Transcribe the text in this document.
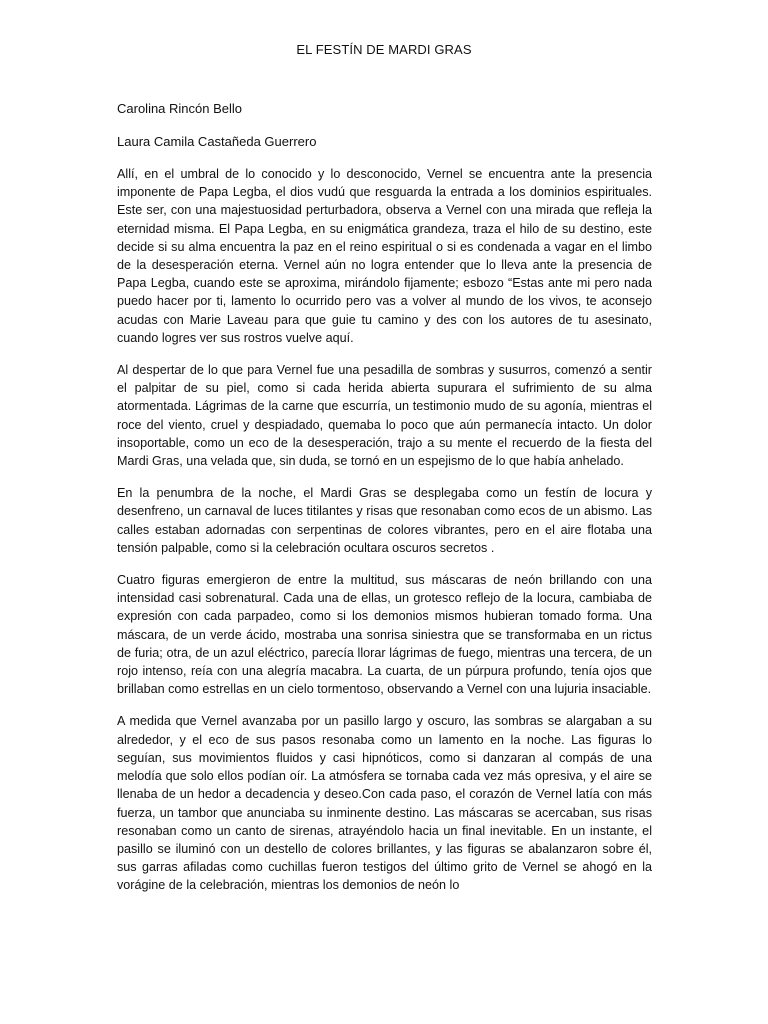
EL FESTÍN DE MARDI GRAS
Carolina Rincón Bello
Laura Camila Castañeda Guerrero

Allí, en el umbral de lo conocido y lo desconocido, Vernel se encuentra ante la presencia imponente de Papa Legba, el dios vudú que resguarda la entrada a los dominios espirituales. Este ser, con una majestuosidad perturbadora, observa a Vernel con una mirada que refleja la eternidad misma. El Papa Legba, en su enigmática grandeza, traza el hilo de su destino, este decide si su alma encuentra la paz en el reino espiritual o si es condenada a vagar en el limbo de la desesperación eterna. Vernel aún no logra entender que lo lleva ante la presencia de Papa Legba, cuando este se aproxima, mirándolo fijamente; esbozo “Estas ante mi pero nada puedo hacer por ti, lamento lo ocurrido pero vas a volver al mundo de los vivos, te aconsejo acudas con Marie Laveau para que guie tu camino y des con los autores de tu asesinato, cuando logres ver sus rostros vuelve aquí.

Al despertar de lo que para Vernel fue una pesadilla de sombras y susurros, comenzó a sentir el palpitar de su piel, como si cada herida abierta supurara el sufrimiento de su alma atormentada. Lágrimas de la carne que escurría, un testimonio mudo de su agonía, mientras el roce del viento, cruel y despiadado, quemaba lo poco que aún permanecía intacto. Un dolor insoportable, como un eco de la desesperación, trajo a su mente el recuerdo de la fiesta del Mardi Gras, una velada que, sin duda, se tornó en un espejismo de lo que había anhelado.

En la penumbra de la noche, el Mardi Gras se desplegaba como un festín de locura y desenfreno, un carnaval de luces titilantes y risas que resonaban como ecos de un abismo. Las calles estaban adornadas con serpentinas de colores vibrantes, pero en el aire flotaba una tensión palpable, como si la celebración ocultara oscuros secretos .

Cuatro figuras emergieron de entre la multitud, sus máscaras de neón brillando con una intensidad casi sobrenatural. Cada una de ellas, un grotesco reflejo de la locura, cambiaba de expresión con cada parpadeo, como si los demonios mismos hubieran tomado forma. Una máscara, de un verde ácido, mostraba una sonrisa siniestra que se transformaba en un rictus de furia; otra, de un azul eléctrico, parecía llorar lágrimas de fuego, mientras una tercera, de un rojo intenso, reía con una alegría macabra. La cuarta, de un púrpura profundo, tenía ojos que brillaban como estrellas en un cielo tormentoso, observando a Vernel con una lujuria insaciable.

A medida que Vernel avanzaba por un pasillo largo y oscuro, las sombras se alargaban a su alrededor, y el eco de sus pasos resonaba como un lamento en la noche. Las figuras lo seguían, sus movimientos fluidos y casi hipnóticos, como si danzaran al compás de una melodía que solo ellos podían oír. La atmósfera se tornaba cada vez más opresiva, y el aire se llenaba de un hedor a decadencia y deseo.Con cada paso, el corazón de Vernel latía con más fuerza, un tambor que anunciaba su inminente destino. Las máscaras se acercaban, sus risas resonaban como un canto de sirenas, atrayéndolo hacia un final inevitable. En un instante, el pasillo se iluminó con un destello de colores brillantes, y las figuras se abalanzaron sobre él, sus garras afiladas como cuchillas fueron testigos del último grito de Vernel se ahogó en la vorágine de la celebración, mientras los demonios de neón lo
